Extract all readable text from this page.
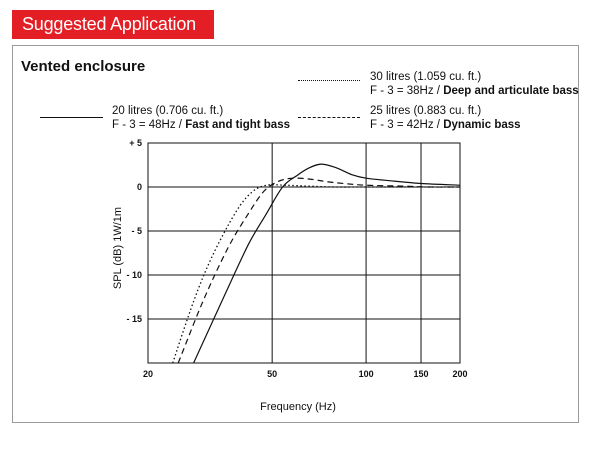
Suggested Application
Vented enclosure
30 litres (1.059 cu. ft.)
F - 3 = 38Hz / Deep and articulate bass
20 litres (0.706 cu. ft.)
F - 3 = 48Hz / Fast and tight bass
25 litres (0.883 cu. ft.)
F - 3 = 42Hz / Dynamic bass
20	50	100	150	200
+ 5
0
- 5
- 10
- 15
Frequency (Hz)
SPL (dB) 1W/1m
